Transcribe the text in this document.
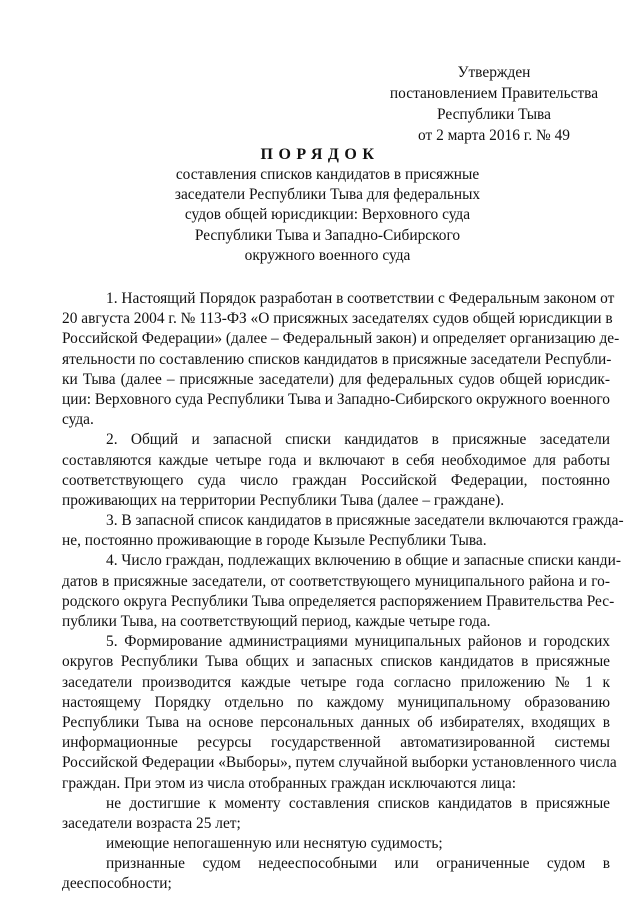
Утвержден
постановлением Правительства
Республики Тыва
от 2 марта 2016 г. № 49
ПОРЯДОК
составления списков кандидатов в присяжные
заседатели Республики Тыва для федеральных
судов общей юрисдикции: Верховного суда
Республики Тыва и Западно-Сибирского
окружного военного суда
1. Настоящий Порядок разработан в соответствии с Федеральным законом от
20 августа 2004 г. № 113-ФЗ «О присяжных заседателях судов общей юрисдикции в
Российской Федерации» (далее – Федеральный закон) и определяет организацию де-
ятельности по составлению списков кандидатов в присяжные заседатели Республи-
ки Тыва (далее – присяжные заседатели) для федеральных судов общей юрисдик-
ции: Верховного суда Республики Тыва и Западно-Сибирского окружного военного
суда.
2. Общий и запасной списки кандидатов в присяжные заседатели
составляются каждые четыре года и включают в себя необходимое для работы
соответствующего суда число граждан Российской Федерации, постоянно
проживающих на территории Республики Тыва (далее – граждане).
3. В запасной список кандидатов в присяжные заседатели включаются гражда-
не, постоянно проживающие в городе Кызыле Республики Тыва.
4. Число граждан, подлежащих включению в общие и запасные списки канди-
датов в присяжные заседатели, от соответствующего муниципального района и го-
родского округа Республики Тыва определяется распоряжением Правительства Рес-
публики Тыва, на соответствующий период, каждые четыре года.
5. Формирование администрациями муниципальных районов и городских
округов Республики Тыва общих и запасных списков кандидатов в присяжные
заседатели производится каждые четыре года согласно приложению № 1 к
настоящему Порядку отдельно по каждому муниципальному образованию
Республики Тыва на основе персональных данных об избирателях, входящих в
информационные ресурсы государственной автоматизированной системы
Российской Федерации «Выборы», путем случайной выборки установленного числа
граждан. При этом из числа отобранных граждан исключаются лица:
не достигшие к моменту составления списков кандидатов в присяжные
заседатели возраста 25 лет;
имеющие непогашенную или неснятую судимость;
признанные судом недееспособными или ограниченные судом в
дееспособности;
